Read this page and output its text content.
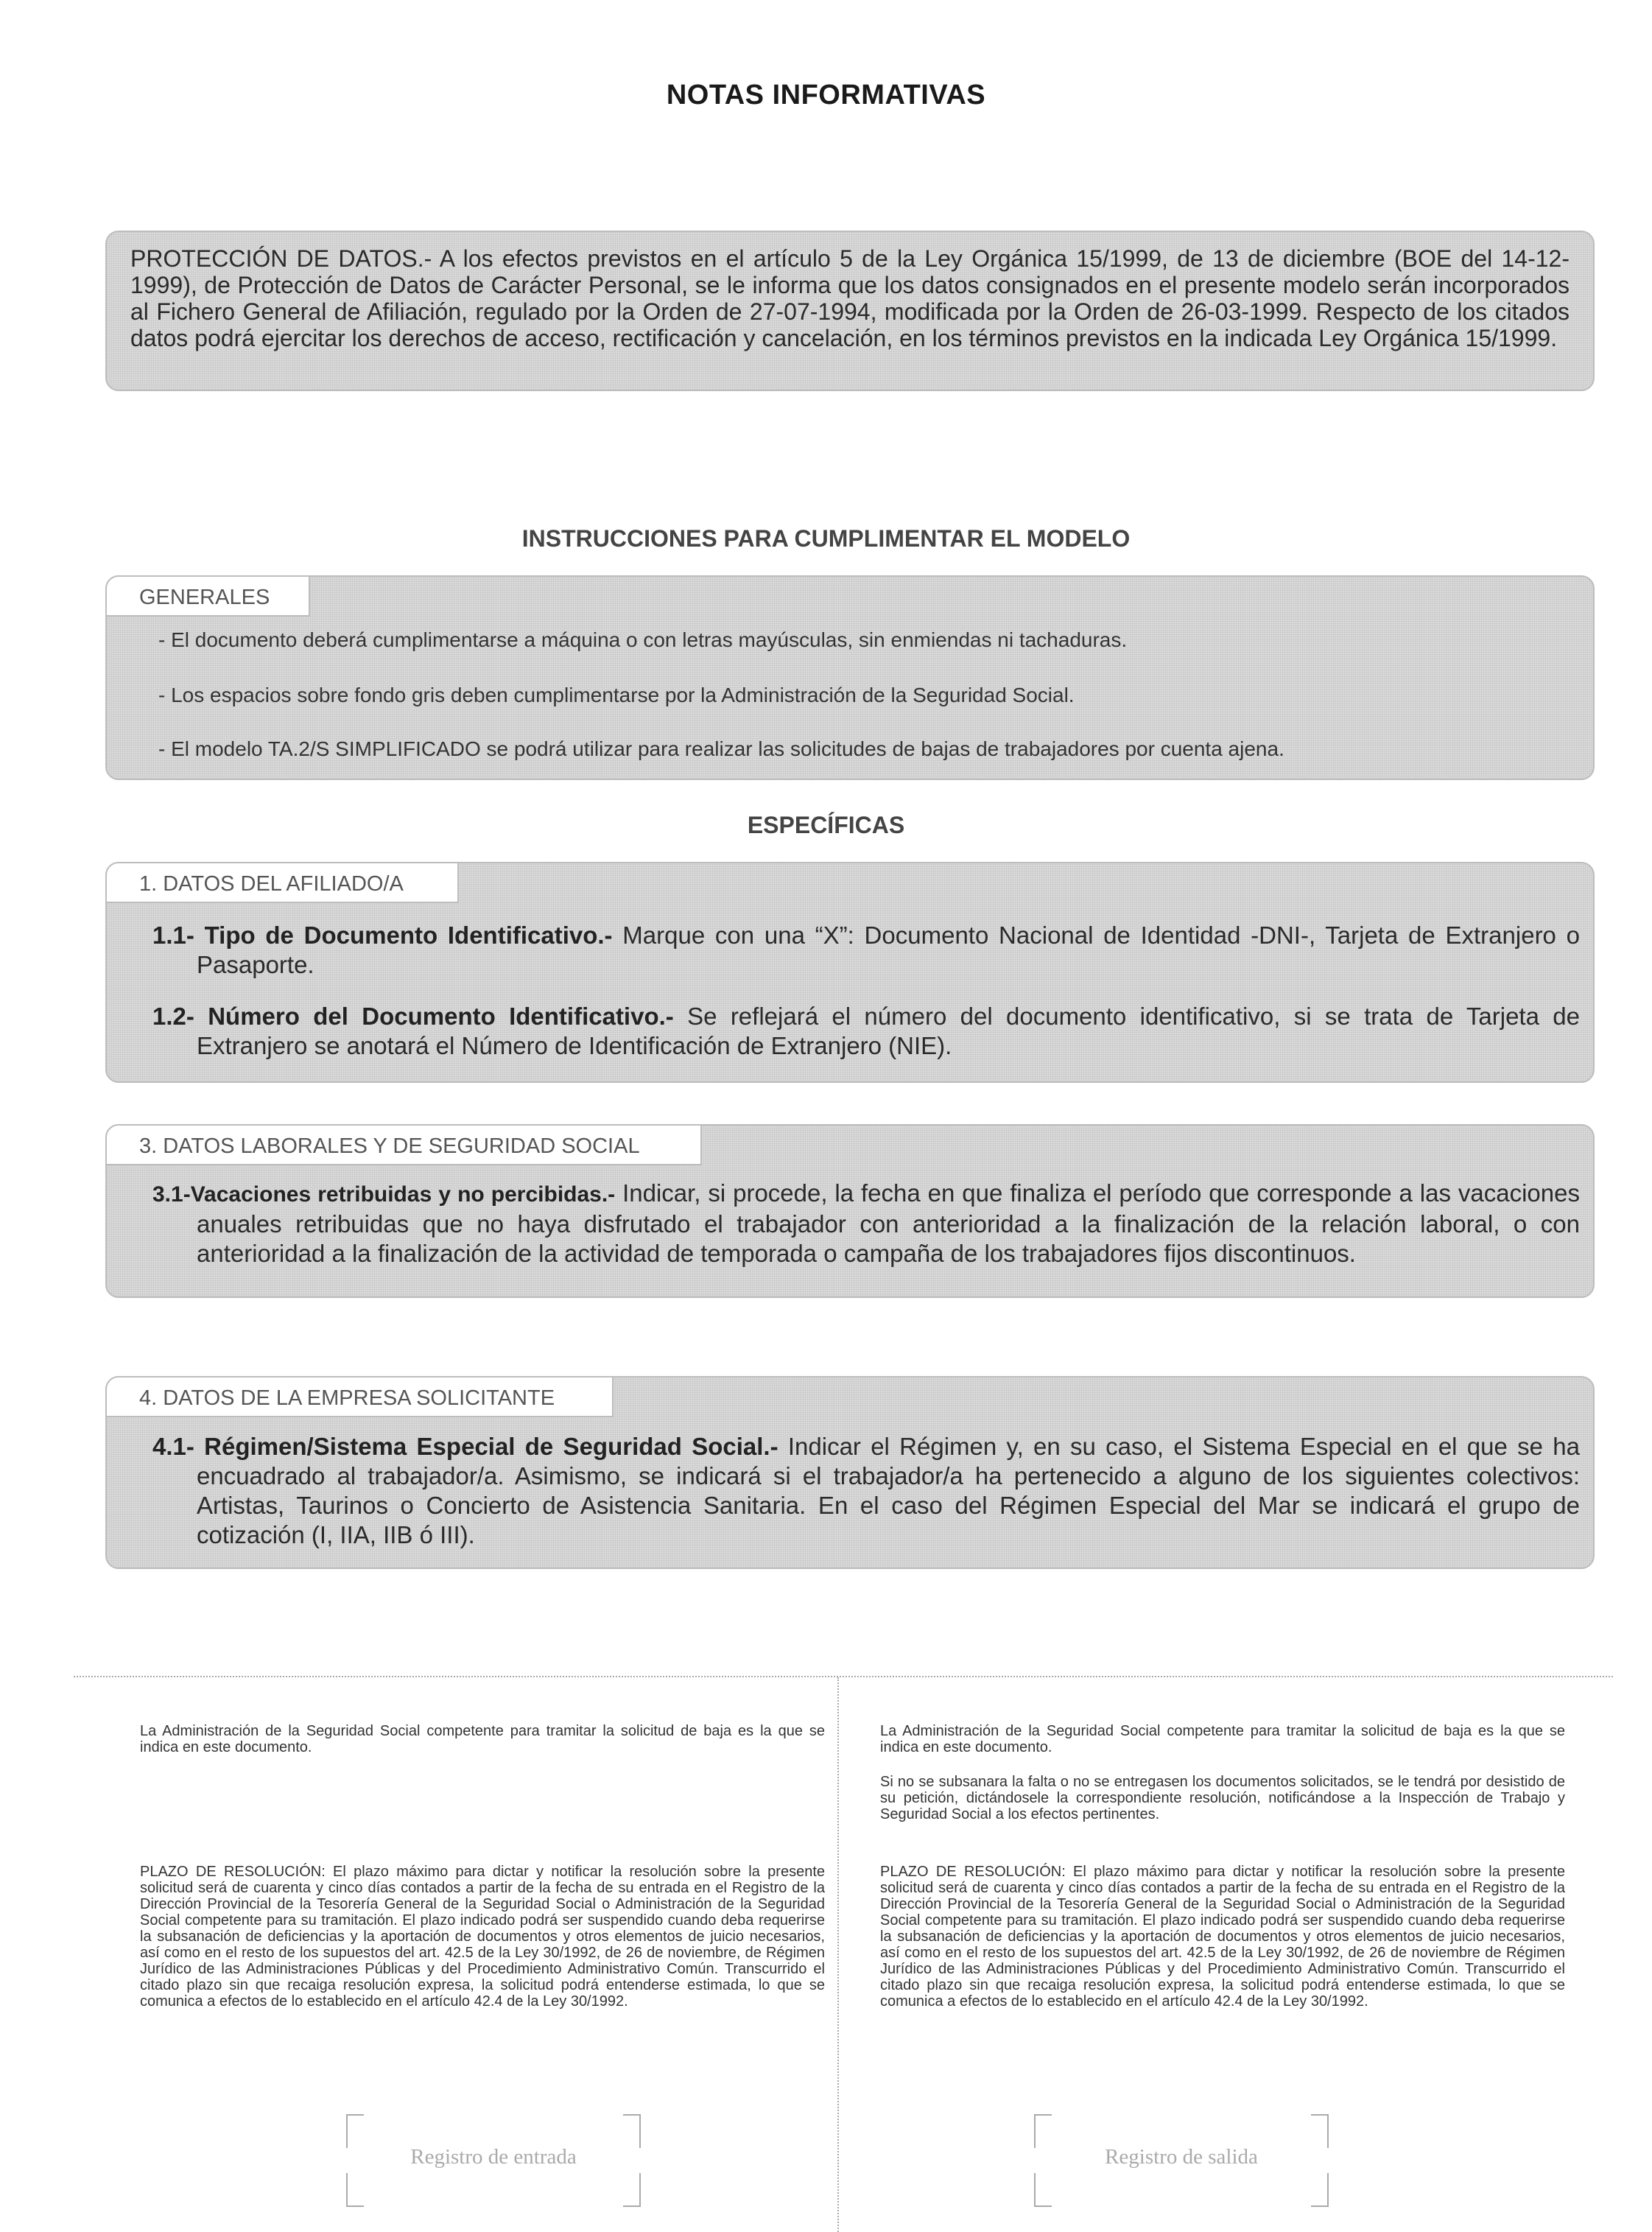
NOTAS INFORMATIVAS
PROTECCIÓN DE DATOS.- A los efectos previstos en el artículo 5 de la Ley Orgánica 15/1999, de 13 de diciembre (BOE del 14-12-1999), de Protección de Datos de Carácter Personal, se le informa que los datos consignados en el presente modelo serán incorporados al Fichero General de Afiliación, regulado por la Orden de 27-07-1994, modificada por la Orden de 26-03-1999. Respecto de los citados datos podrá ejercitar los derechos de acceso, rectificación y cancelación, en los términos previstos en la indicada Ley Orgánica 15/1999.
INSTRUCCIONES PARA CUMPLIMENTAR EL MODELO
GENERALES
- El documento deberá cumplimentarse a máquina o con letras mayúsculas, sin enmiendas ni tachaduras.
- Los espacios sobre fondo gris deben cumplimentarse por la Administración de la Seguridad Social.
- El modelo TA.2/S SIMPLIFICADO se podrá utilizar para realizar las solicitudes de bajas de trabajadores por cuenta ajena.
ESPECÍFICAS
1. DATOS DEL AFILIADO/A
1.1- Tipo de Documento Identificativo.- Marque con una “X”: Documento Nacional de Identidad -DNI-, Tarjeta de Extranjero o Pasaporte.
1.2- Número del Documento Identificativo.- Se reflejará el número del documento identificativo, si se trata de Tarjeta de Extranjero se anotará el Número de Identificación de Extranjero (NIE).
3. DATOS LABORALES Y DE SEGURIDAD SOCIAL
3.1-Vacaciones retribuidas y no percibidas.- Indicar, si procede, la fecha en que finaliza el período que corresponde a las vacaciones anuales retribuidas que no haya disfrutado el trabajador con anterioridad a la finalización de la relación laboral, o con anterioridad a la finalización de la actividad de temporada o campaña de los trabajadores fijos discontinuos.
4. DATOS DE LA EMPRESA SOLICITANTE
4.1- Régimen/Sistema Especial de Seguridad Social.- Indicar el Régimen y, en su caso, el Sistema Especial en el que se ha encuadrado al trabajador/a. Asimismo, se indicará si el trabajador/a ha pertenecido a alguno de los siguientes colectivos: Artistas, Taurinos o Concierto de Asistencia Sanitaria. En el caso del Régimen Especial del Mar se indicará el grupo de cotización (I, IIA, IIB ó III).
La Administración de la Seguridad Social competente para tramitar la solicitud de baja es la que se indica en este documento.
PLAZO DE RESOLUCIÓN: El plazo máximo para dictar y notificar la resolución sobre la presente solicitud será de cuarenta y cinco días contados a partir de la fecha de su entrada en el Registro de la Dirección Provincial de la Tesorería General de la Seguridad Social o Administración de la Seguridad Social competente para su tramitación. El plazo indicado podrá ser suspendido cuando deba requerirse la subsanación de deficiencias y la aportación de documentos y otros elementos de juicio necesarios, así como en el resto de los supuestos del art. 42.5 de la Ley 30/1992, de 26 de noviembre, de Régimen Jurídico de las Administraciones Públicas y del Procedimiento Administrativo Común. Transcurrido el citado plazo sin que recaiga resolución expresa, la solicitud podrá entenderse estimada, lo que se comunica a efectos de lo establecido en el artículo 42.4 de la Ley 30/1992.
Registro de entrada
La Administración de la Seguridad Social competente para tramitar la solicitud de baja es la que se indica en este documento.
Si no se subsanara la falta o no se entregasen los documentos solicitados, se le tendrá por desistido de su petición, dictándosele la correspondiente resolución, notificándose a la Inspección de Trabajo y Seguridad Social a los efectos pertinentes.
PLAZO DE RESOLUCIÓN: El plazo máximo para dictar y notificar la resolución sobre la presente solicitud será de cuarenta y cinco días contados a partir de la fecha de su entrada en el Registro de la Dirección Provincial de la Tesorería General de la Seguridad Social o Administración de la Seguridad Social competente para su tramitación. El plazo indicado podrá ser suspendido cuando deba requerirse la subsanación de deficiencias y la aportación de documentos y otros elementos de juicio necesarios, así como en el resto de los supuestos del art. 42.5 de la Ley 30/1992, de 26 de noviembre de Régimen Jurídico de las Administraciones Públicas y del Procedimiento Administrativo Común. Transcurrido el citado plazo sin que recaiga resolución expresa, la solicitud podrá entenderse estimada, lo que se comunica a efectos de lo establecido en el artículo 42.4 de la Ley 30/1992.
Registro de salida
